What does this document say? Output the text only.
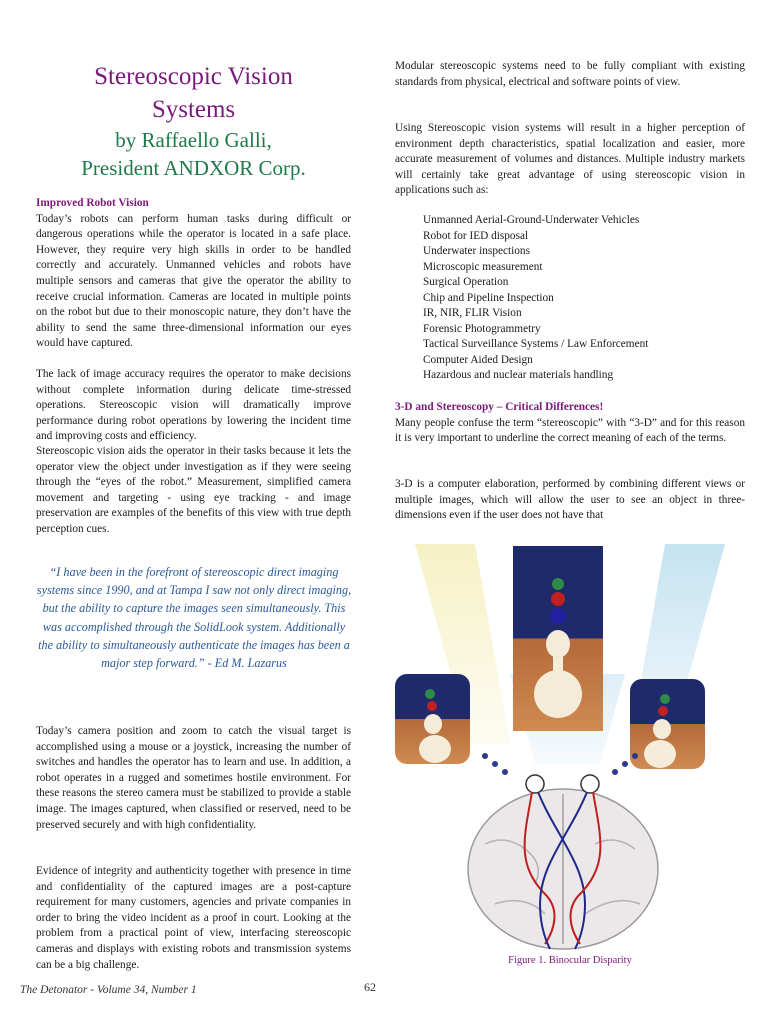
Stereoscopic Vision
Systems
by Raffaello Galli,
President ANDXOR Corp.
Improved Robot Vision

Today’s robots can perform human tasks during difficult or dangerous operations while the operator is located in a safe place. However, they require very high skills in order to be handled correctly and accurately. Unmanned vehicles and robots have multiple sensors and cameras that give the operator the ability to receive crucial information. Cameras are located in multiple points on the robot but due to their monoscopic nature, they don’t have the ability to send the same three-dimensional information our eyes would have captured.

The lack of image accuracy requires the operator to make decisions without complete information during delicate time-stressed operations. Stereoscopic vision will dramatically improve performance during robot operations by lowering the incident time and improving costs and efficiency.

Stereoscopic vision aids the operator in their tasks because it lets the operator view the object under investigation as if they were seeing through the “eyes of the robot.” Measurement, simplified camera movement and targeting - using eye tracking - and image preservation are examples of the benefits of this view with true depth perception cues.

“I have been in the forefront of stereoscopic direct imaging systems since 1990, and at Tampa I saw not only direct imaging, but the ability to capture the images seen simultaneously. This was accomplished through the SolidLook system. Additionally the ability to simultaneously authenticate the images has been a major step forward.” - Ed M. Lazarus

Today’s camera position and zoom to catch the visual target is accomplished using a mouse or a joystick, increasing the number of switches and handles the operator has to learn and use. In addition, a robot operates in a rugged and sometimes hostile environment. For these reasons the stereo camera must be stabilized to provide a stable image. The images captured, when classified or reserved, need to be preserved securely and with high confidentiality.

Evidence of integrity and authenticity together with presence in time and confidentiality of the captured images are a post-capture requirement for many customers, agencies and private companies in order to bring the video incident as a proof in court. Looking at the problem from a practical point of view, interfacing stereoscopic cameras and displays with existing robots and transmission systems can be a big challenge.

Modular stereoscopic systems need to be fully compliant with existing standards from physical, electrical and software points of view.

Using Stereoscopic vision systems will result in a higher perception of environment depth characteristics, spatial localization and easier, more accurate measurement of volumes and distances. Multiple industry markets will certainly take great advantage of using stereoscopic vision in applications such as:

Unmanned Aerial-Ground-Underwater Vehicles
Robot for IED disposal
Underwater inspections
Microscopic measurement
Surgical Operation
Chip and Pipeline Inspection
IR, NIR, FLIR Vision
Forensic Photogrammetry
Tactical Surveillance Systems / Law Enforcement
Computer Aided Design
Hazardous and nuclear materials handling
3-D and Stereoscopy – Critical Differences!

Many people confuse the term “stereoscopic” with “3-D” and for this reason it is very important to underline the correct meaning of each of the terms.

3-D is a computer elaboration, performed by combining different views or multiple images, which will allow the user to see an object in three-dimensions even if the user does not have that

Figure 1. Binocular Disparity
The Detonator - Volume 34, Number 1	62
